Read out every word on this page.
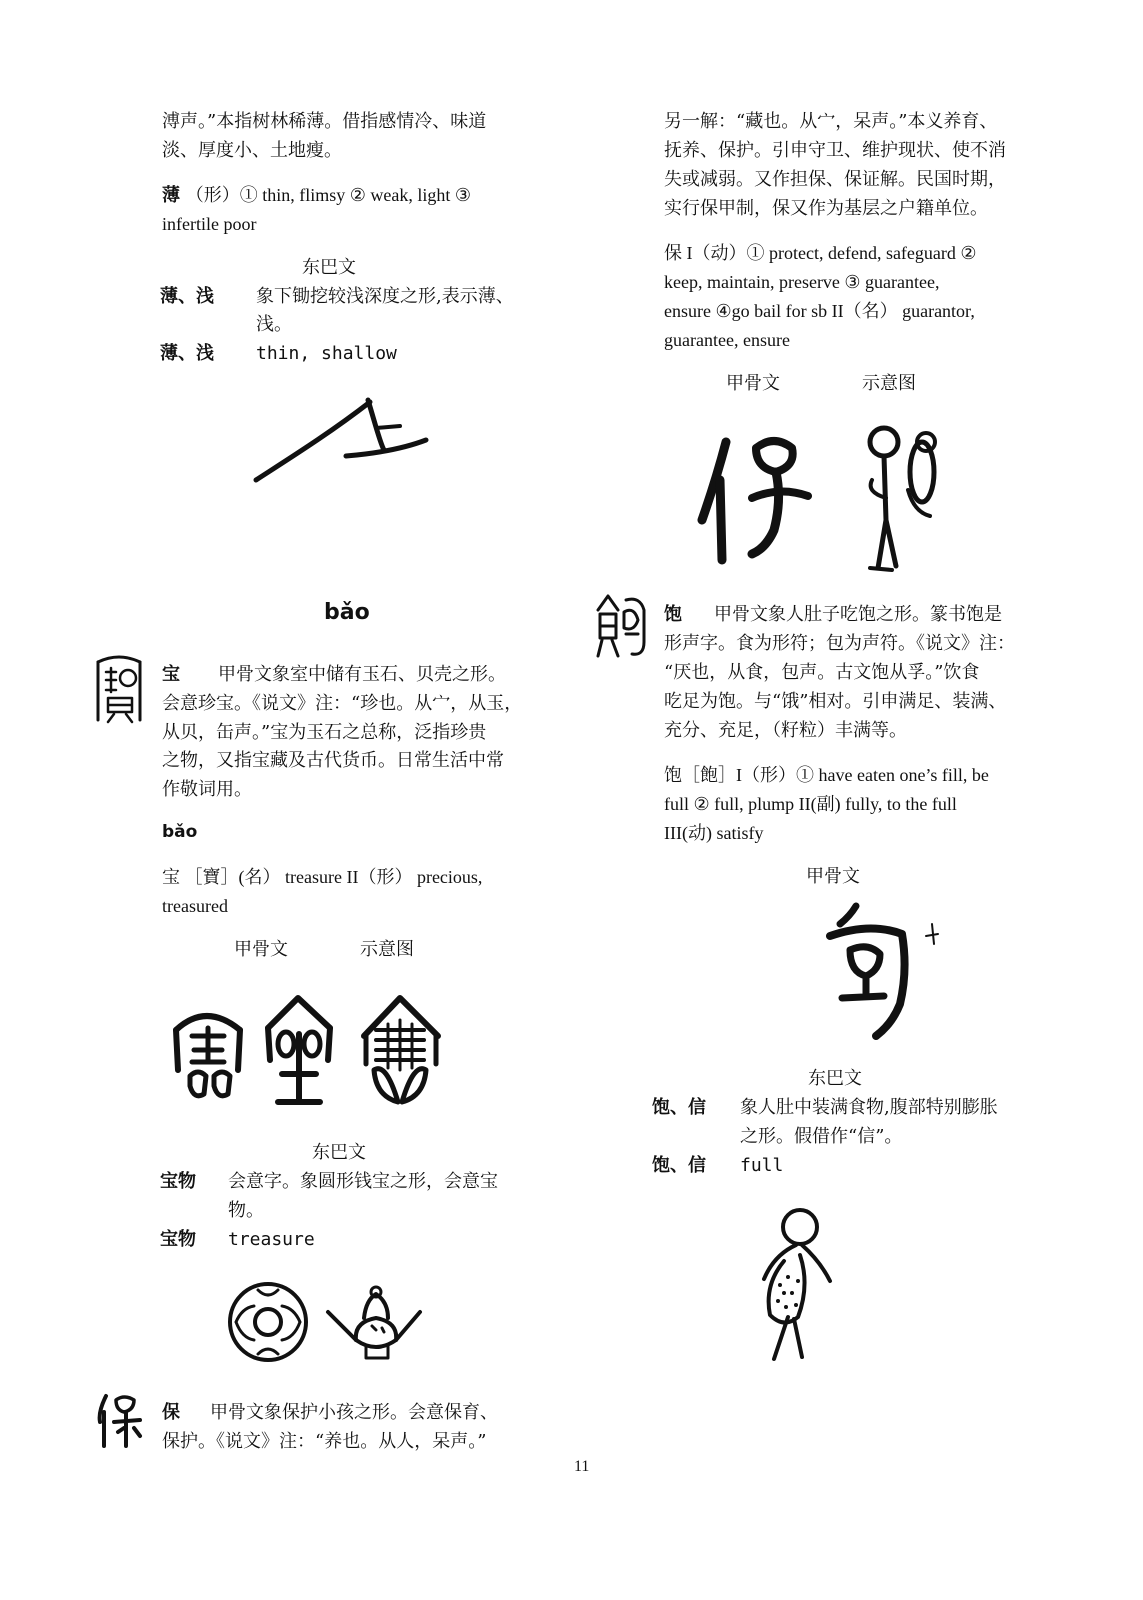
溥声。”本指树林稀薄。借指感情冷、味道
淡、厚度小、土地瘦。
薄 （形）① thin, flimsy ② weak, light ③
infertile poor
东巴文
薄、浅 象下锄挖较浅深度之形,表示薄、
浅。
薄、浅 thin, shallow
bǎo
宝 甲骨文象室中储有玉石、贝壳之形。
会意珍宝。《说文》注：“珍也。从宀，从玉，
从贝，缶声。”宝为玉石之总称，泛指珍贵
之物，又指宝藏及古代货币。日常生活中常
作敬词用。
bǎo
宝 ［寶］(名） treasure II（形） precious,
treasured
甲骨文	示意图
东巴文
宝物 会意字。象圆形钱宝之形，会意宝
物。
宝物 treasure
保 甲骨文象保护小孩之形。会意保育、
保护。《说文》注：“养也。从人，呆声。”
另一解：“藏也。从宀，呆声。”本义养育、
抚养、保护。引申守卫、维护现状、使不消
失或减弱。又作担保、保证解。民国时期，
实行保甲制，保又作为基层之户籍单位。
保 I（动）① protect, defend, safeguard ②
keep, maintain, preserve ③ guarantee,
ensure ④go bail for sb II（名） guarantor,
guarantee, ensure
甲骨文	示意图
饱 甲骨文象人肚子吃饱之形。篆书饱是
形声字。食为形符；包为声符。《说文》注：
“厌也，从食，包声。古文饱从孚。”饮食
吃足为饱。与“饿”相对。引申满足、装满、
充分、充足，（籽粒）丰满等。
饱［飽］I（形）① have eaten one’s fill, be
full ② full, plump II(副) fully, to the full
III(动) satisfy
甲骨文
东巴文
饱、信 象人肚中装满食物,腹部特别膨胀
之形。假借作“信”。
饱、信 full
11
